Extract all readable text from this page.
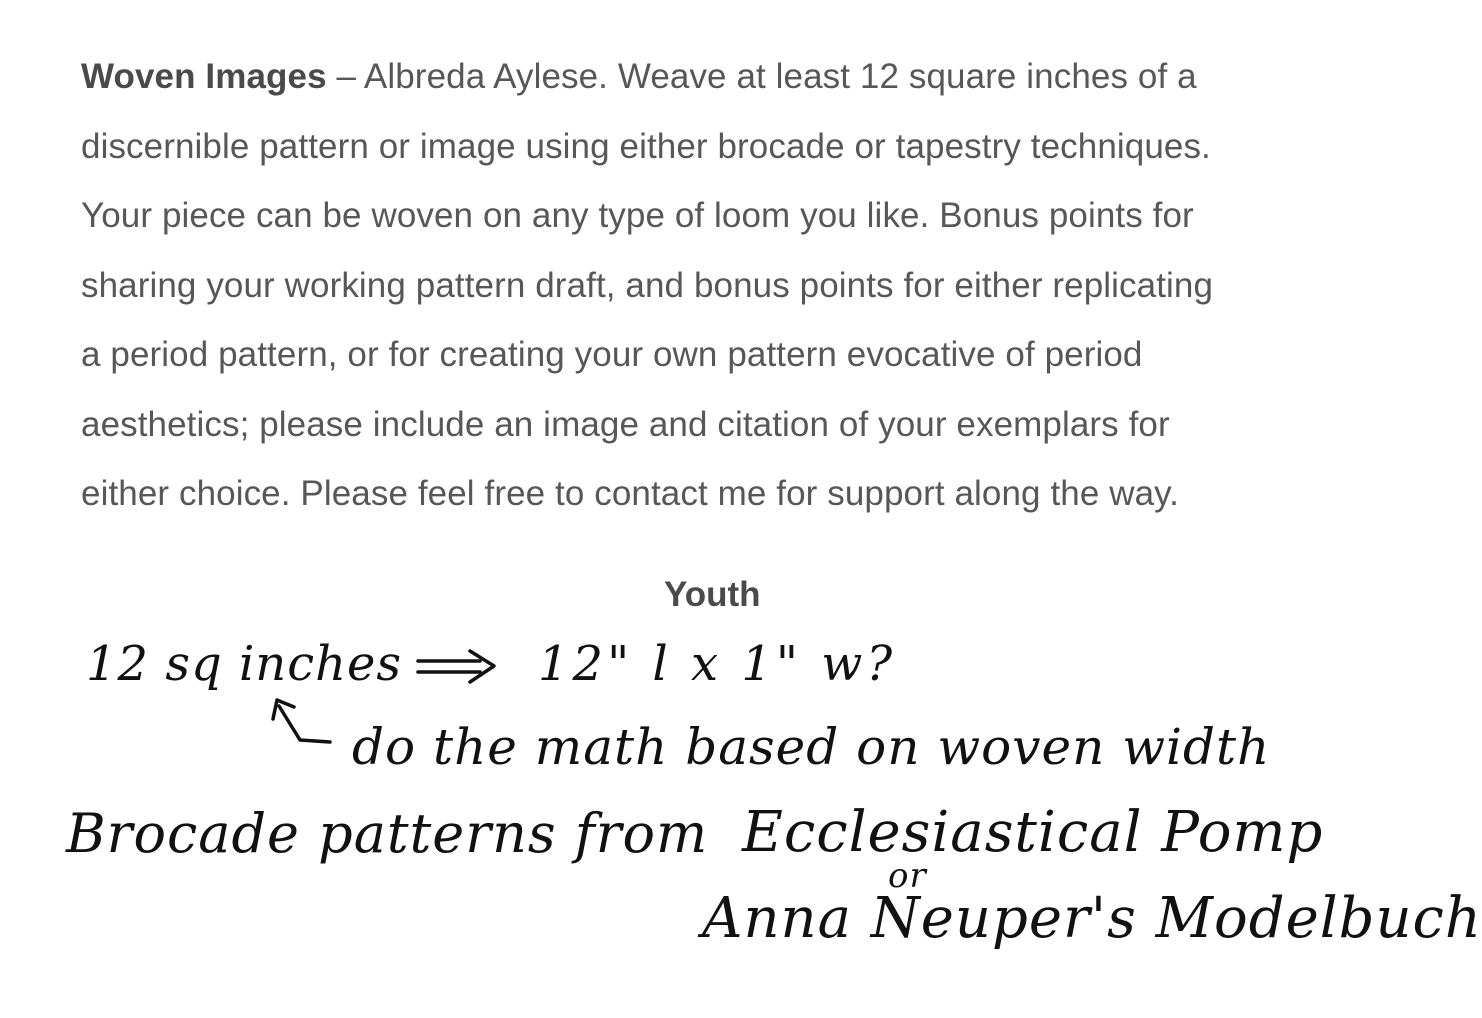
Woven Images – Albreda Aylese. Weave at least 12 square inches of a
discernible pattern or image using either brocade or tapestry techniques.
Your piece can be woven on any type of loom you like. Bonus points for
sharing your working pattern draft, and bonus points for either replicating
a period pattern, or for creating your own pattern evocative of period
aesthetics; please include an image and citation of your exemplars for
either choice. Please feel free to contact me for support along the way.
Youth
12 sq inches	12" l x 1" w?
do the math based on woven width
Brocade patterns from Ecclesiastical Pomp
or
Anna Neuper's Modelbuch
